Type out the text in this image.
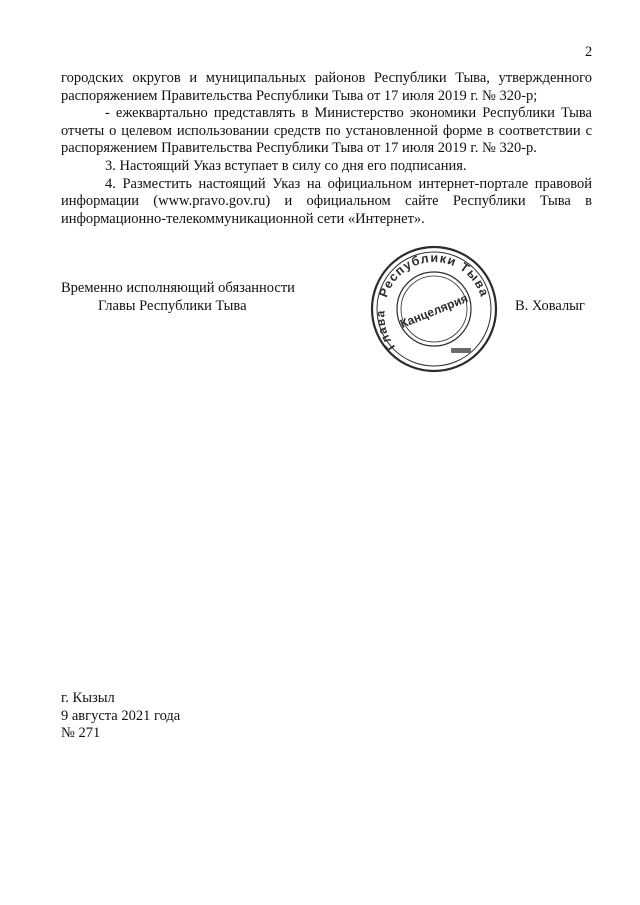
2

городских округов и муниципальных районов Республики Тыва, утвержденного распоряжением Правительства Республики Тыва от 17 июля 2019 г. № 320-р;

- ежеквартально представлять в Министерство экономики Республики Тыва отчеты о целевом использовании средств по установленной форме в соответствии с распоряжением Правительства Республики Тыва от 17 июля 2019 г. № 320-р.

3. Настоящий Указ вступает в силу со дня его подписания.

4. Разместить настоящий Указ на официальном интернет-портале правовой информации (www.pravo.gov.ru) и официальном сайте Республики Тыва в информационно-телекоммуникационной сети «Интернет».

Временно исполняющий обязанности
Главы Республики Тыва
Республики Тыва
Глава Канцелярия	В. Ховалыг
г. Кызыл
9 августа 2021 года
№ 271
